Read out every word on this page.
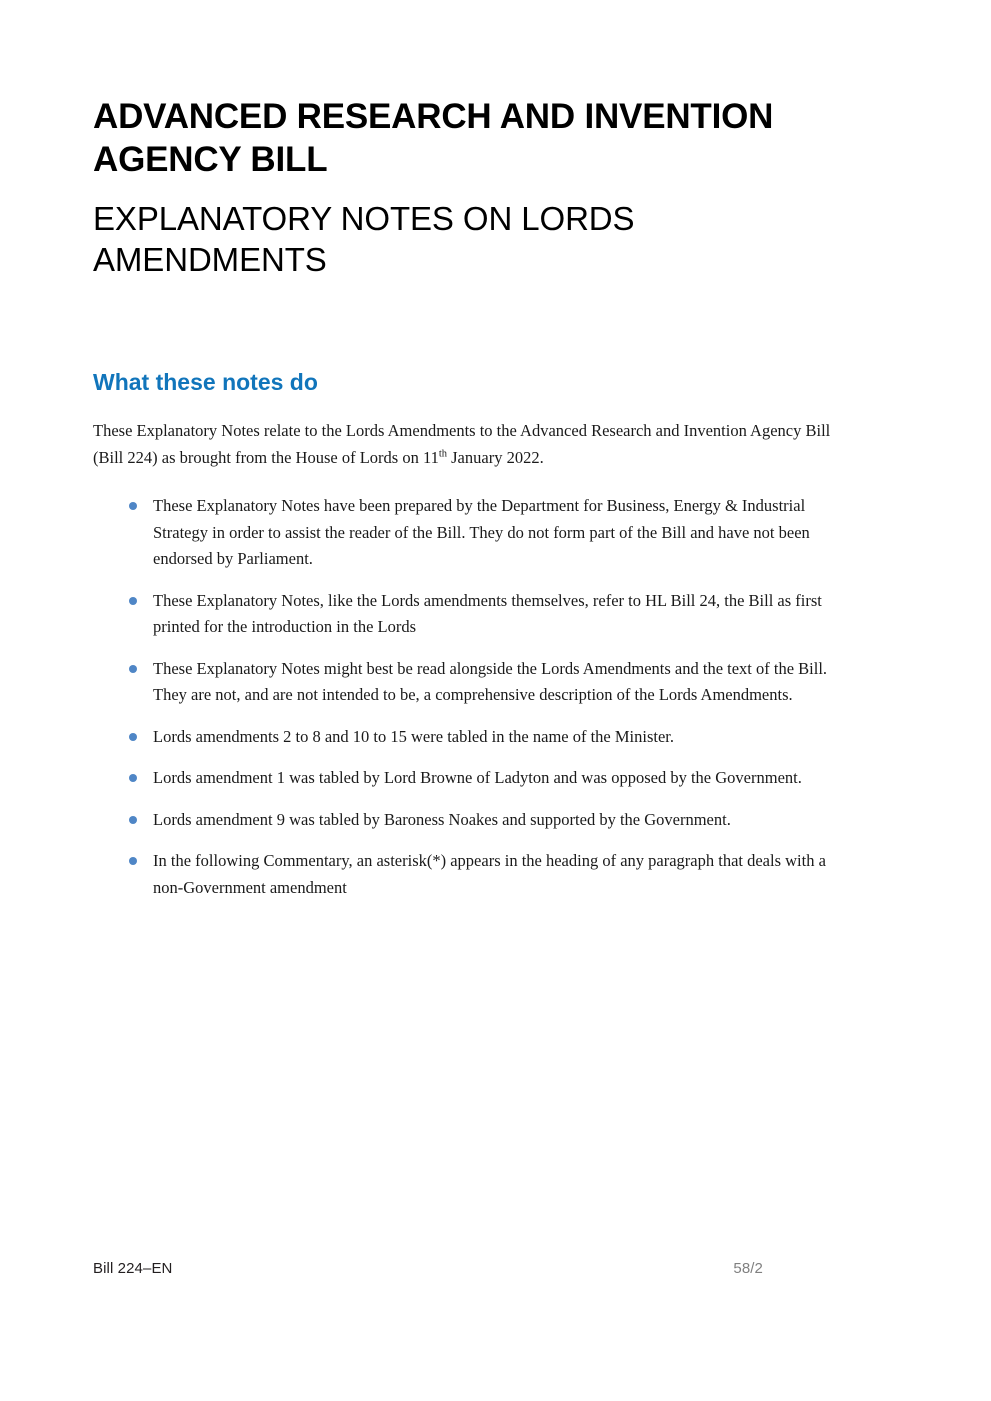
ADVANCED RESEARCH AND INVENTION AGENCY BILL
EXPLANATORY NOTES ON LORDS AMENDMENTS
What these notes do

These Explanatory Notes relate to the Lords Amendments to the Advanced Research and Invention Agency Bill (Bill 224) as brought from the House of Lords on 11th January 2022.

These Explanatory Notes have been prepared by the Department for Business, Energy & Industrial Strategy in order to assist the reader of the Bill. They do not form part of the Bill and have not been endorsed by Parliament.
These Explanatory Notes, like the Lords amendments themselves, refer to HL Bill 24, the Bill as first printed for the introduction in the Lords
These Explanatory Notes might best be read alongside the Lords Amendments and the text of the Bill. They are not, and are not intended to be, a comprehensive description of the Lords Amendments.
Lords amendments 2 to 8 and 10 to 15 were tabled in the name of the Minister.
Lords amendment 1 was tabled by Lord Browne of Ladyton and was opposed by the Government.
Lords amendment 9 was tabled by Baroness Noakes and supported by the Government.
In the following Commentary, an asterisk(*) appears in the heading of any paragraph that deals with a non-Government amendment
Bill 224–EN	58/2
